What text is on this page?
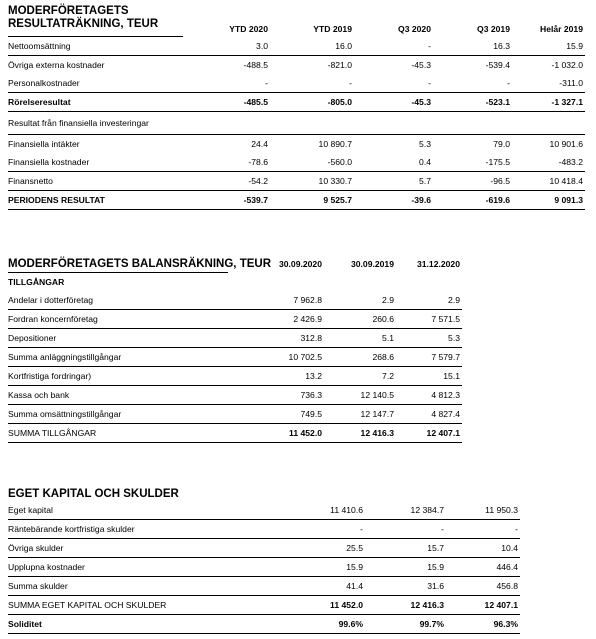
MODERFÖRETAGETS
RESULTATRÄKNING, TEUR
		YTD 2020	YTD 2019	Q3 2020	Q3 2019	Helår 2019
Nettoomsättning	3.0	16.0	-	16.3	15.9
Övriga externa kostnader	-488.5	-821.0	-45.3	-539.4	-1 032.0
Personalkostnader	-	-	-	-	-311.0
Rörelseresultat	-485.5	-805.0	-45.3	-523.1	-1 327.1
Resultat från finansiella investeringar					
Finansiella intäkter	24.4	10 890.7	5.3	79.0	10 901.6
Finansiella kostnader	-78.6	-560.0	0.4	-175.5	-483.2
Finansnetto	-54.2	10 330.7	5.7	-96.5	10 418.4
PERIODENS RESULTAT	-539.7	9 525.7	-39.6	-619.6	9 091.3
MODERFÖRETAGETS BALANSRÄKNING, TEUR	30.09.2020	30.09.2019	31.12.2020
TILLGÅNGAR			
Andelar i dotterföretag	7 962.8	2.9	2.9
Fordran koncernföretag	2 426.9	260.6	7 571.5
Depositioner	312.8	5.1	5.3
Summa anläggningstillgångar	10 702.5	268.6	7 579.7
Kortfristiga fordringar)	13.2	7.2	15.1
Kassa och bank	736.3	12 140.5	4 812.3
Summa omsättningstillgångar	749.5	12 147.7	4 827.4
SUMMA TILLGÅNGAR	11 452.0	12 416.3	12 407.1
EGET KAPITAL OCH SKULDER
Eget kapital	11 410.6	12 384.7	11 950.3
Räntebärande kortfristiga skulder	-	-	-
Övriga skulder	25.5	15.7	10.4
Upplupna kostnader	15.9	15.9	446.4
Summa skulder	41.4	31.6	456.8
SUMMA EGET KAPITAL OCH SKULDER	11 452.0	12 416.3	12 407.1
Soliditet	99.6%	99.7%	96.3%
